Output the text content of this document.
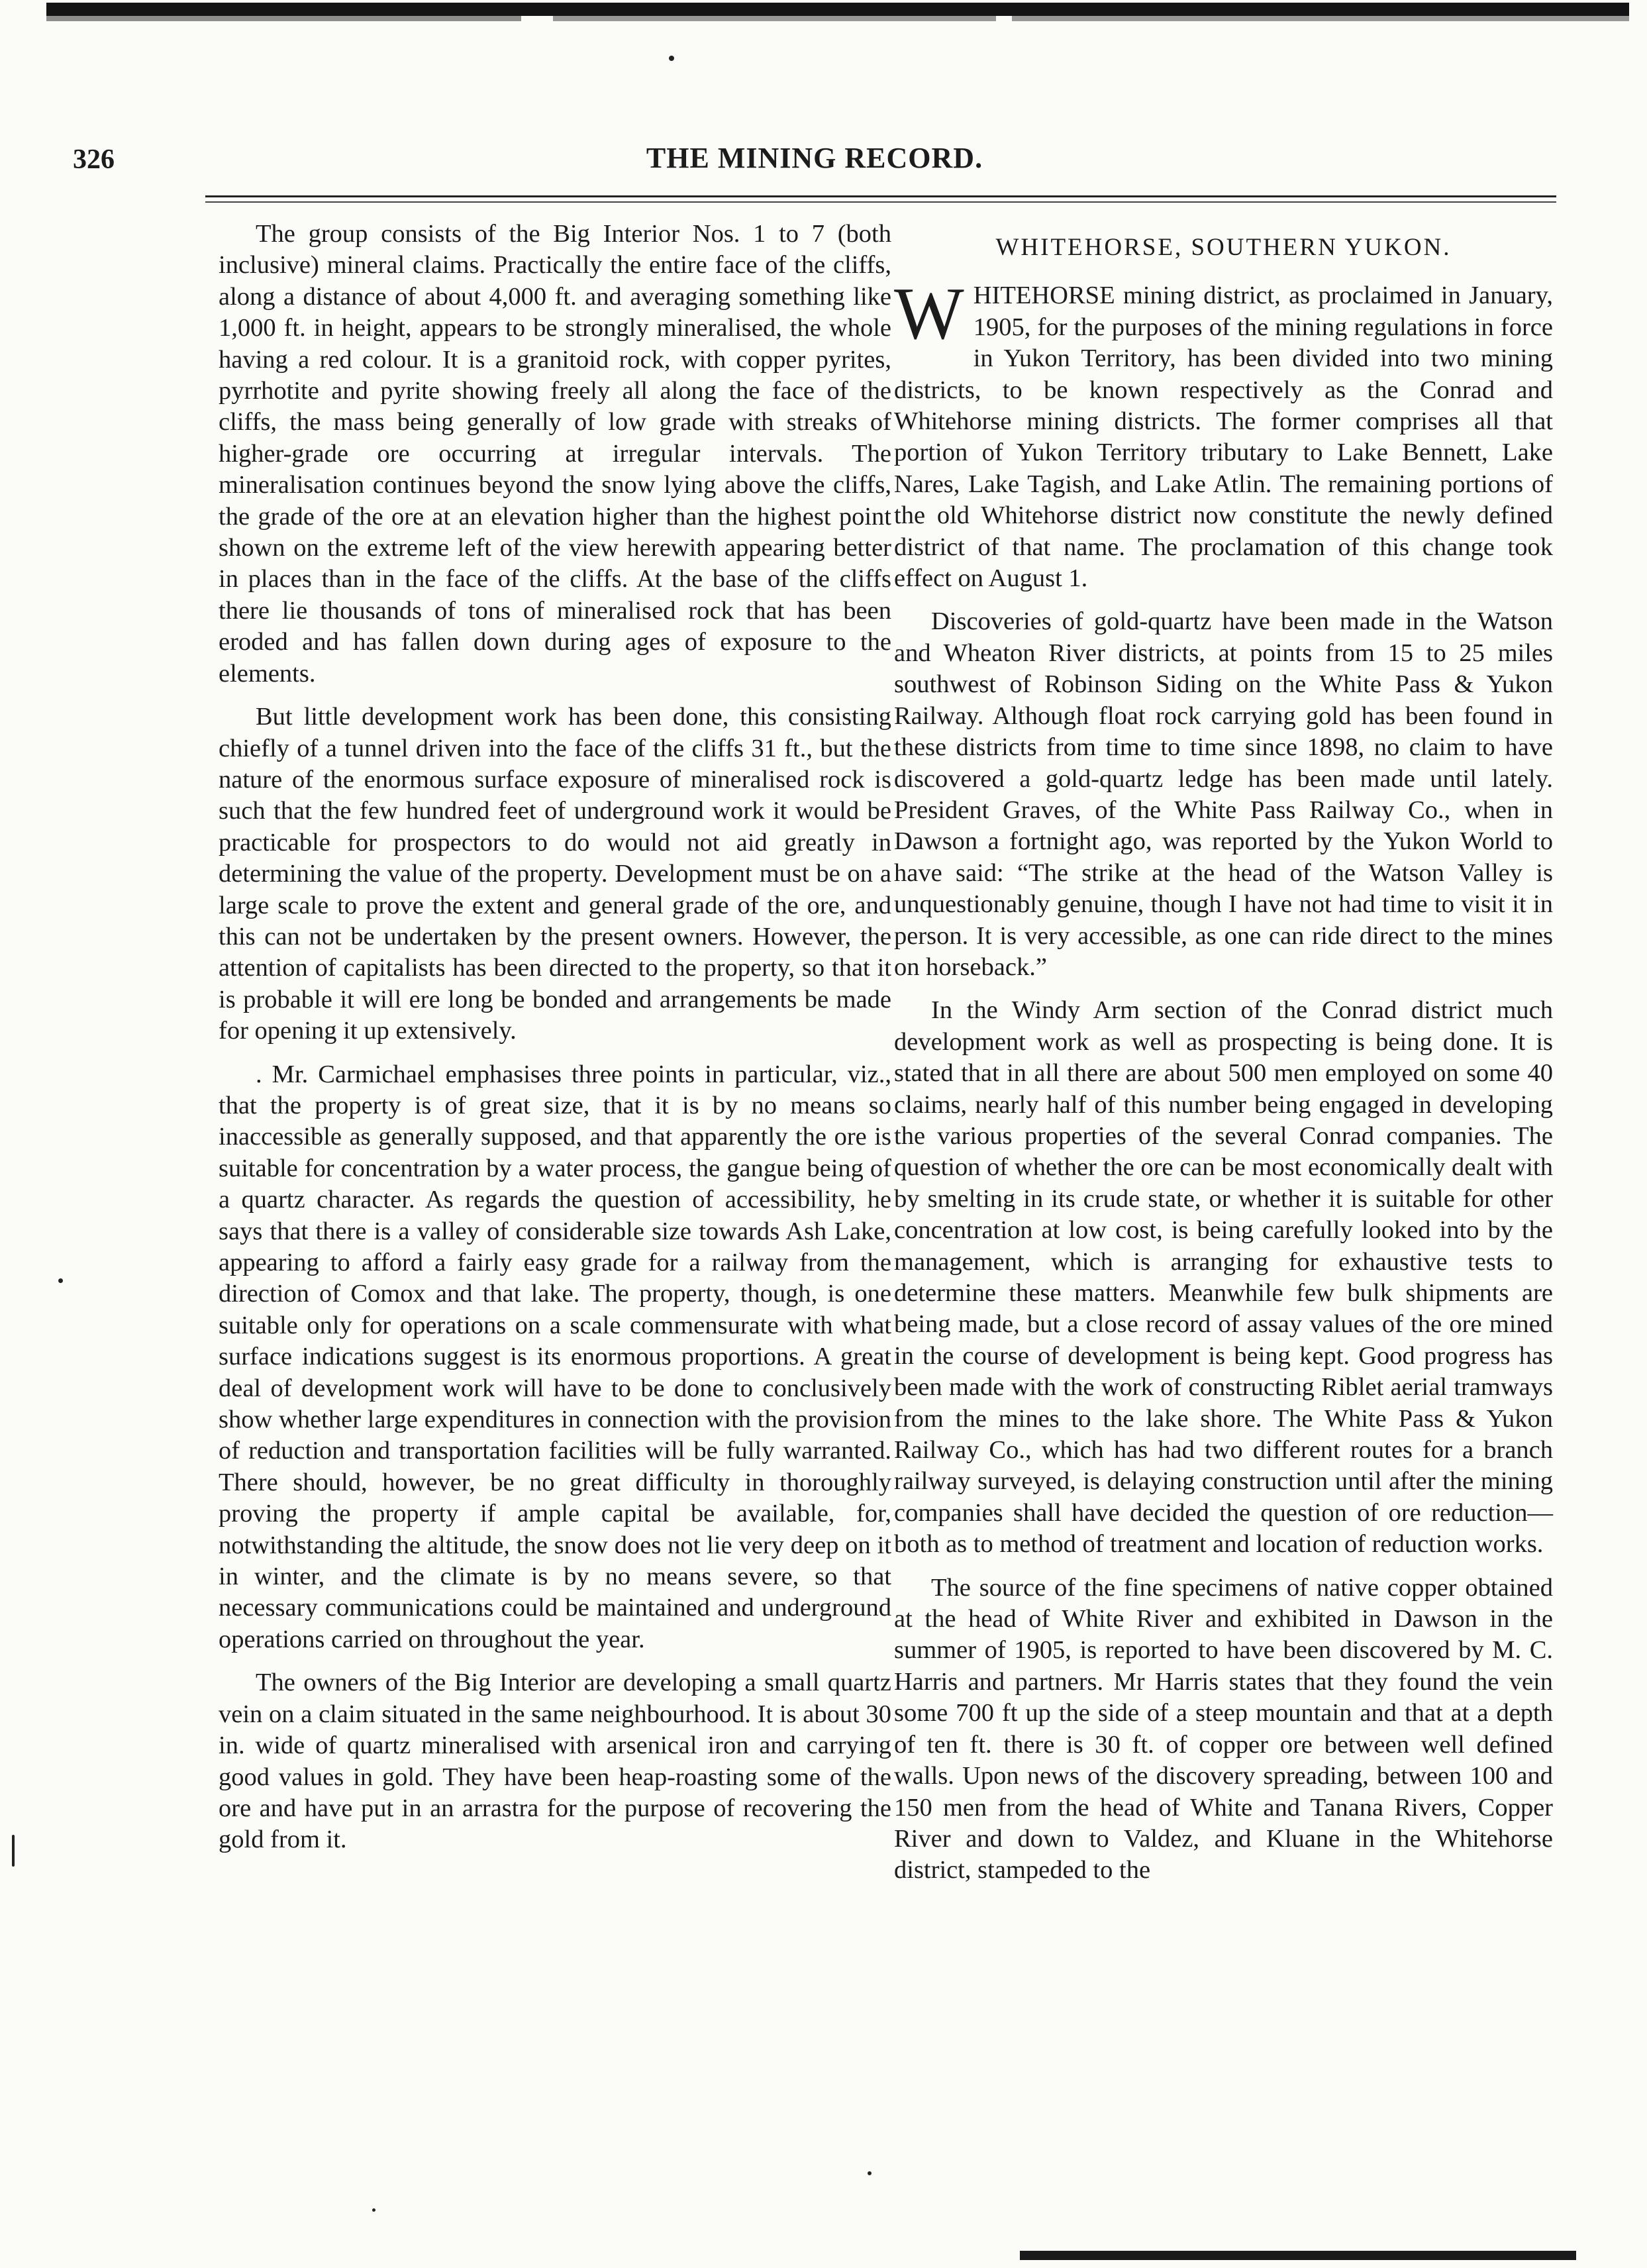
326	THE MINING RECORD.

The group consists of the Big Interior Nos. 1 to 7 (both inclusive) mineral claims. Practically the entire face of the cliffs, along a distance of about 4,000 ft. and averaging something like 1,000 ft. in height, appears to be strongly mineralised, the whole having a red colour. It is a granitoid rock, with copper pyrites, pyrrhotite and pyrite showing freely all along the face of the cliffs, the mass being generally of low grade with streaks of higher-grade ore occurring at irregular intervals. The mineralisation continues beyond the snow lying above the cliffs, the grade of the ore at an elevation higher than the highest point shown on the extreme left of the view herewith appearing better in places than in the face of the cliffs. At the base of the cliffs there lie thousands of tons of mineralised rock that has been eroded and has fallen down during ages of exposure to the elements.

But little development work has been done, this consisting chiefly of a tunnel driven into the face of the cliffs 31 ft., but the nature of the enormous surface exposure of mineralised rock is such that the few hundred feet of underground work it would be practicable for prospectors to do would not aid greatly in determining the value of the property. Development must be on a large scale to prove the extent and general grade of the ore, and this can not be undertaken by the present owners. However, the attention of capitalists has been directed to the property, so that it is probable it will ere long be bonded and arrangements be made for opening it up extensively.

. Mr. Carmichael emphasises three points in particular, viz., that the property is of great size, that it is by no means so inaccessible as generally supposed, and that apparently the ore is suitable for concentration by a water process, the gangue being of a quartz character. As regards the question of accessibility, he says that there is a valley of considerable size towards Ash Lake, appearing to afford a fairly easy grade for a railway from the direction of Comox and that lake. The property, though, is one suitable only for operations on a scale commensurate with what surface indications suggest is its enormous proportions. A great deal of development work will have to be done to conclusively show whether large expenditures in connection with the provision of reduction and transportation facilities will be fully warranted. There should, however, be no great difficulty in thoroughly proving the property if ample capital be available, for, notwithstanding the altitude, the snow does not lie very deep on it in winter, and the climate is by no means severe, so that necessary communications could be maintained and underground operations carried on throughout the year.

The owners of the Big Interior are developing a small quartz vein on a claim situated in the same neighbourhood. It is about 30 in. wide of quartz mineralised with arsenical iron and carrying good values in gold. They have been heap-roasting some of the ore and have put in an arrastra for the purpose of recovering the gold from it.

WHITEHORSE, SOUTHERN YUKON.

W HITEHORSE mining district, as proclaimed in January, 1905, for the purposes of the mining regulations in force in Yukon Territory, has been divided into two mining districts, to be known respectively as the Conrad and Whitehorse mining districts. The former comprises all that portion of Yukon Territory tributary to Lake Bennett, Lake Nares, Lake Tagish, and Lake Atlin. The remaining portions of the old Whitehorse district now constitute the newly defined district of that name. The proclamation of this change took effect on August 1.

Discoveries of gold-quartz have been made in the Watson and Wheaton River districts, at points from 15 to 25 miles southwest of Robinson Siding on the White Pass & Yukon Railway. Although float rock carrying gold has been found in these districts from time to time since 1898, no claim to have discovered a gold-quartz ledge has been made until lately. President Graves, of the White Pass Railway Co., when in Dawson a fortnight ago, was reported by the Yukon World to have said: “The strike at the head of the Watson Valley is unquestionably genuine, though I have not had time to visit it in person. It is very accessible, as one can ride direct to the mines on horseback.”

In the Windy Arm section of the Conrad district much development work as well as prospecting is being done. It is stated that in all there are about 500 men employed on some 40 claims, nearly half of this number being engaged in developing the various properties of the several Conrad companies. The question of whether the ore can be most economically dealt with by smelting in its crude state, or whether it is suitable for other concentration at low cost, is being carefully looked into by the management, which is arranging for exhaustive tests to determine these matters. Meanwhile few bulk shipments are being made, but a close record of assay values of the ore mined in the course of development is being kept. Good progress has been made with the work of constructing Riblet aerial tramways from the mines to the lake shore. The White Pass & Yukon Railway Co., which has had two different routes for a branch railway surveyed, is delaying construction until after the mining companies shall have decided the question of ore reduction—both as to method of treatment and location of reduction works.

The source of the fine specimens of native copper obtained at the head of White River and exhibited in Dawson in the summer of 1905, is reported to have been discovered by M. C. Harris and partners. Mr Harris states that they found the vein some 700 ft up the side of a steep mountain and that at a depth of ten ft. there is 30 ft. of copper ore between well defined walls. Upon news of the discovery spreading, between 100 and 150 men from the head of White and Tanana Rivers, Copper River and down to Valdez, and Kluane in the Whitehorse district, stampeded to the
